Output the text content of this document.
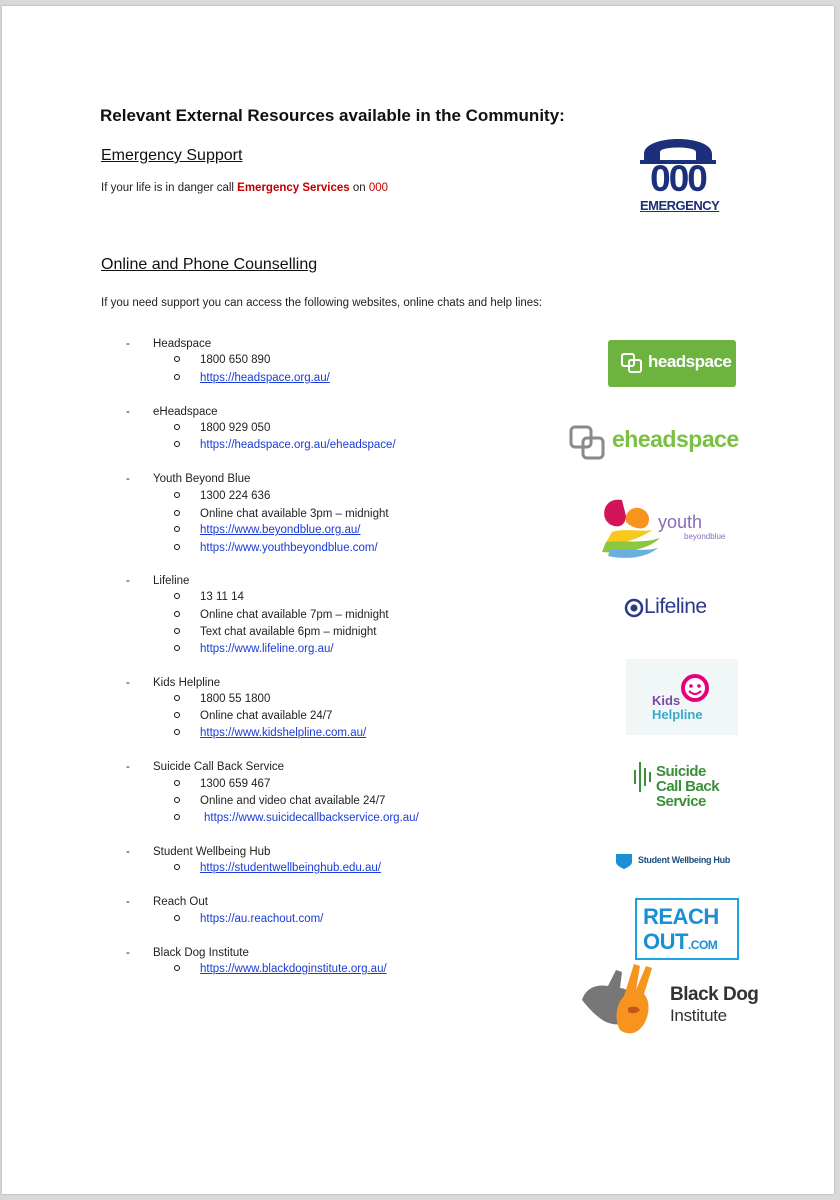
Relevant External Resources available in the Community:
Emergency Support
If your life is in danger call Emergency Services on 000	000
EMERGENCY
Online and Phone Counselling
If you need support you can access the following websites, online chats and help lines:
- Headspace
1800 650 890
https://headspace.org.au/
- eHeadspace
1800 929 050
https://headspace.org.au/eheadspace/
- Youth Beyond Blue
1300 224 636
Online chat available 3pm – midnight
https://www.beyondblue.org.au/
https://www.youthbeyondblue.com/
- Lifeline
13 11 14
Online chat available 7pm – midnight
Text chat available 6pm – midnight
https://www.lifeline.org.au/
- Kids Helpline
1800 55 1800
Online chat available 24/7
https://www.kidshelpline.com.au/
- Suicide Call Back Service
1300 659 467
Online and video chat available 24/7
https://www.suicidecallbackservice.org.au/
- Student Wellbeing Hub
https://studentwellbeinghub.edu.au/
- Reach Out
https://au.reachout.com/
- Black Dog Institute
https://www.blackdoginstitute.org.au/
headspace
eheadspace
youth
beyondblue
Lifeline
Kids
Helpline
Suicide
Call Back
Service
Student Wellbeing Hub
REACH
OUT.COM
Black Dog
Institute
